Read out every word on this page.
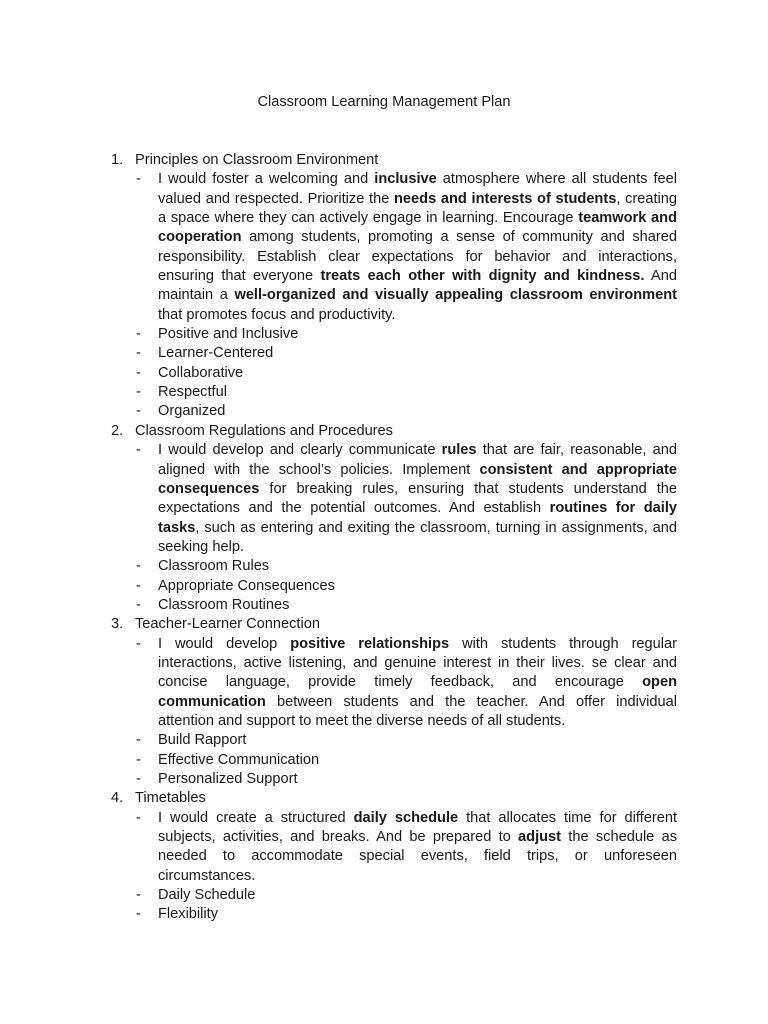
Classroom Learning Management Plan
1. Principles on Classroom Environment
- I would foster a welcoming and inclusive atmosphere where all students feel valued and respected. Prioritize the needs and interests of students, creating a space where they can actively engage in learning. Encourage teamwork and cooperation among students, promoting a sense of community and shared responsibility. Establish clear expectations for behavior and interactions, ensuring that everyone treats each other with dignity and kindness. And maintain a well-organized and visually appealing classroom environment that promotes focus and productivity.
- Positive and Inclusive
- Learner-Centered
- Collaborative
- Respectful
- Organized
2. Classroom Regulations and Procedures
- I would develop and clearly communicate rules that are fair, reasonable, and aligned with the school’s policies. Implement consistent and appropriate consequences for breaking rules, ensuring that students understand the expectations and the potential outcomes. And establish routines for daily tasks, such as entering and exiting the classroom, turning in assignments, and seeking help.
- Classroom Rules
- Appropriate Consequences
- Classroom Routines
3. Teacher-Learner Connection
- I would develop positive relationships with students through regular interactions, active listening, and genuine interest in their lives. se clear and concise language, provide timely feedback, and encourage open communication between students and the teacher. And offer individual attention and support to meet the diverse needs of all students.
- Build Rapport
- Effective Communication
- Personalized Support
4. Timetables
- I would create a structured daily schedule that allocates time for different subjects, activities, and breaks. And be prepared to adjust the schedule as needed to accommodate special events, field trips, or unforeseen circumstances.
- Daily Schedule
- Flexibility
